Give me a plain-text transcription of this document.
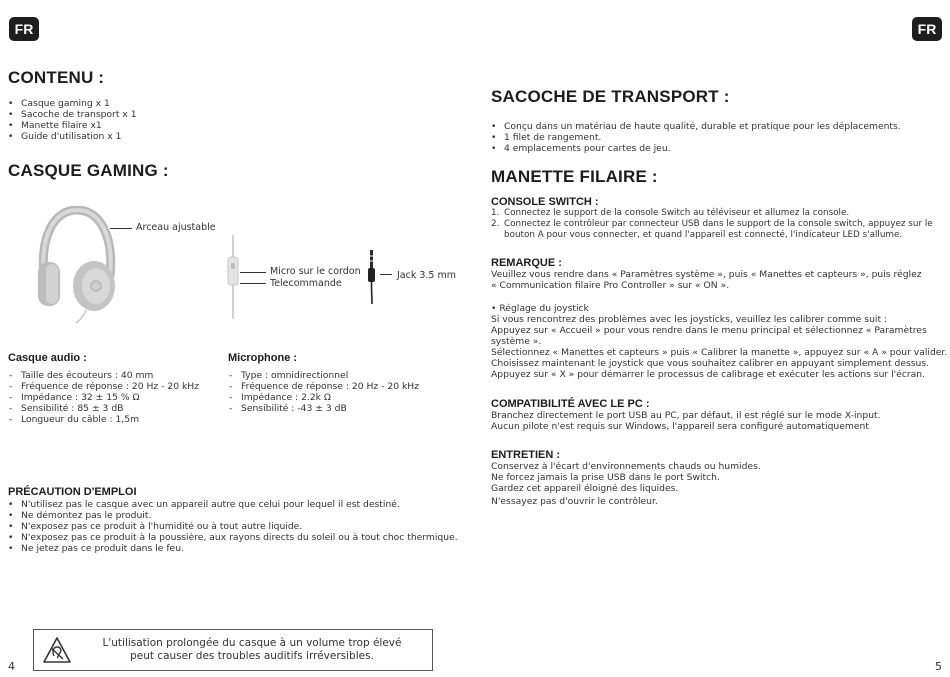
FR	FR
CONTENU :
• Casque gaming x 1
• Sacoche de transport x 1
• Manette filaire x1
• Guide d'utilisation x 1
CASQUE GAMING :
Arceau ajustable
Micro sur le cordon
Telecommande
Jack 3.5 mm
Casque audio :
- Taille des écouteurs : 40 mm
- Fréquence de réponse : 20 Hz - 20 kHz
- Impédance : 32 ± 15 % Ω
- Sensibilité : 85 ± 3 dB
- Longueur du câble : 1,5m
Microphone :
- Type : omnidirectionnel
- Fréquence de réponse : 20 Hz - 20 kHz
- Impédance : 2.2k Ω
- Sensibilité : -43 ± 3 dB
PRÉCAUTION D'EMPLOI
• N'utilisez pas le casque avec un appareil autre que celui pour lequel il est destiné.
• Ne démontez pas le produit.
• N'exposez pas ce produit à l'humidité ou à tout autre liquide.
• N'exposez pas ce produit à la poussière, aux rayons directs du soleil ou à tout choc thermique.
• Ne jetez pas ce produit dans le feu.
L'utilisation prolongée du casque à un volume trop élevé
peut causer des troubles auditifs irréversibles.
4
SACOCHE DE TRANSPORT :
• Conçu dans un matériau de haute qualité, durable et pratique pour les déplacements.
• 1 filet de rangement.
• 4 emplacements pour cartes de jeu.
MANETTE FILAIRE :
CONSOLE SWITCH :
Connectez le support de la console Switch au téléviseur et allumez la console.
Connectez le contrôleur par connecteur USB dans le support de la console switch, appuyez sur le
bouton A pour vous connecter, et quand l'appareil est connecté, l'indicateur LED s'allume.
REMARQUE :

Veuillez vous rendre dans « Paramètres système », puis « Manettes et capteurs », puis réglez

« Communication filaire Pro Controller » sur « ON ».

• Réglage du joystick

Si vous rencontrez des problèmes avec les joysticks, veuillez les calibrer comme suit :

Appuyez sur « Accueil » pour vous rendre dans le menu principal et sélectionnez « Paramètres

système ».

Sélectionnez « Manettes et capteurs » puis « Calibrer la manette », appuyez sur « A » pour valider.

Choisissez maintenant le joystick que vous souhaitez calibrer en appuyant simplement dessus.

Appuyez sur « X » pour démarrer le processus de calibrage et exécuter les actions sur l'écran.

COMPATIBILITÉ AVEC LE PC :

Branchez directement le port USB au PC, par défaut, il est réglé sur le mode X-input.

Aucun pilote n'est requis sur Windows, l'appareil sera configuré automatiquement

ENTRETIEN :

Conservez à l'écart d'environnements chauds ou humides.

Ne forcez jamais la prise USB dans le port Switch.

Gardez cet appareil éloigné des liquides.

N'essayez pas d'ouvrir le contrôleur.

5
